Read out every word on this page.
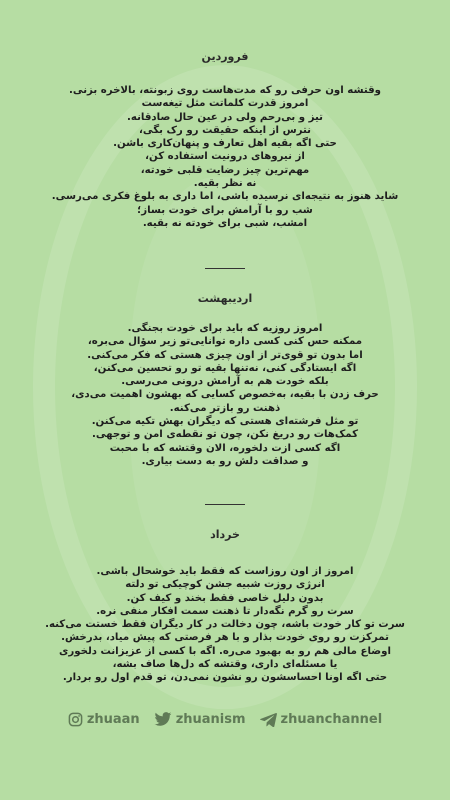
فروردین
وقتشه اون حرفی رو که مدت‌هاست روی زبونته، بالاخره بزنی.
امروز قدرت کلماتت مثل تیغه‌ست
تیز و بی‌رحم ولی در عین حال صادقانه.
نترس از اینکه حقیقت رو رک بگی،
حتی اگه بقیه اهل تعارف و پنهان‌کاری باشن.
از نیروهای درونیت استفاده کن،
مهم‌ترین چیز رضایت قلبی خودته،
نه نظر بقیه.
شاید هنوز به نتیجه‌ای نرسیده باشی، اما داری به بلوغ فکری می‌رسی.
شب رو با آرامش برای خودت بساز؛
امشب، شبی برای خودته نه بقیه.
اردیبهشت
امروز روزیه که باید برای خودت بجنگی.
ممکنه حس کنی کسی داره توانایی‌تو زیر سؤال می‌بره،
اما بدون تو قوی‌تر از اون چیزی هستی که فکر می‌کنی.
اگه ایستادگی کنی، نه‌تنها بقیه تو رو تحسین می‌کنن،
بلکه خودت هم به آرامش درونی می‌رسی.
حرف زدن با بقیه، به‌خصوص کسایی که بهشون اهمیت می‌دی،
ذهنت رو بازتر می‌کنه.
تو مثل فرشته‌ای هستی که دیگران بهش تکیه می‌کنن.
کمک‌هات رو دریغ نکن، چون تو نقطه‌ی امن و توجهی.
اگه کسی ازت دلخوره، الان وقتشه که با محبت
و صداقت دلش رو به دست بیاری.
خرداد
امروز از اون روزاست که فقط باید خوشحال باشی.
انرژی روزت شبیه جشن کوچیکی تو دلته
بدون دلیل خاصی فقط بخند و کیف کن.
سرت رو گرم نگه‌دار تا ذهنت سمت افکار منفی نره.
سرت تو کار خودت باشه، چون دخالت در کار دیگران فقط خستت می‌کنه.
تمرکزت رو روی خودت بذار و با هر فرصتی که پیش میاد، بدرخش.
اوضاع مالی هم رو به بهبود می‌ره. اگه با کسی از عزیزانت دلخوری
یا مسئله‌ای داری، وقتشه که دل‌ها صاف بشه،
حتی اگه اونا احساسشون رو نشون نمی‌دن، تو قدم اول رو بردار.
zhuaan	zhuanism	zhuanchannel
